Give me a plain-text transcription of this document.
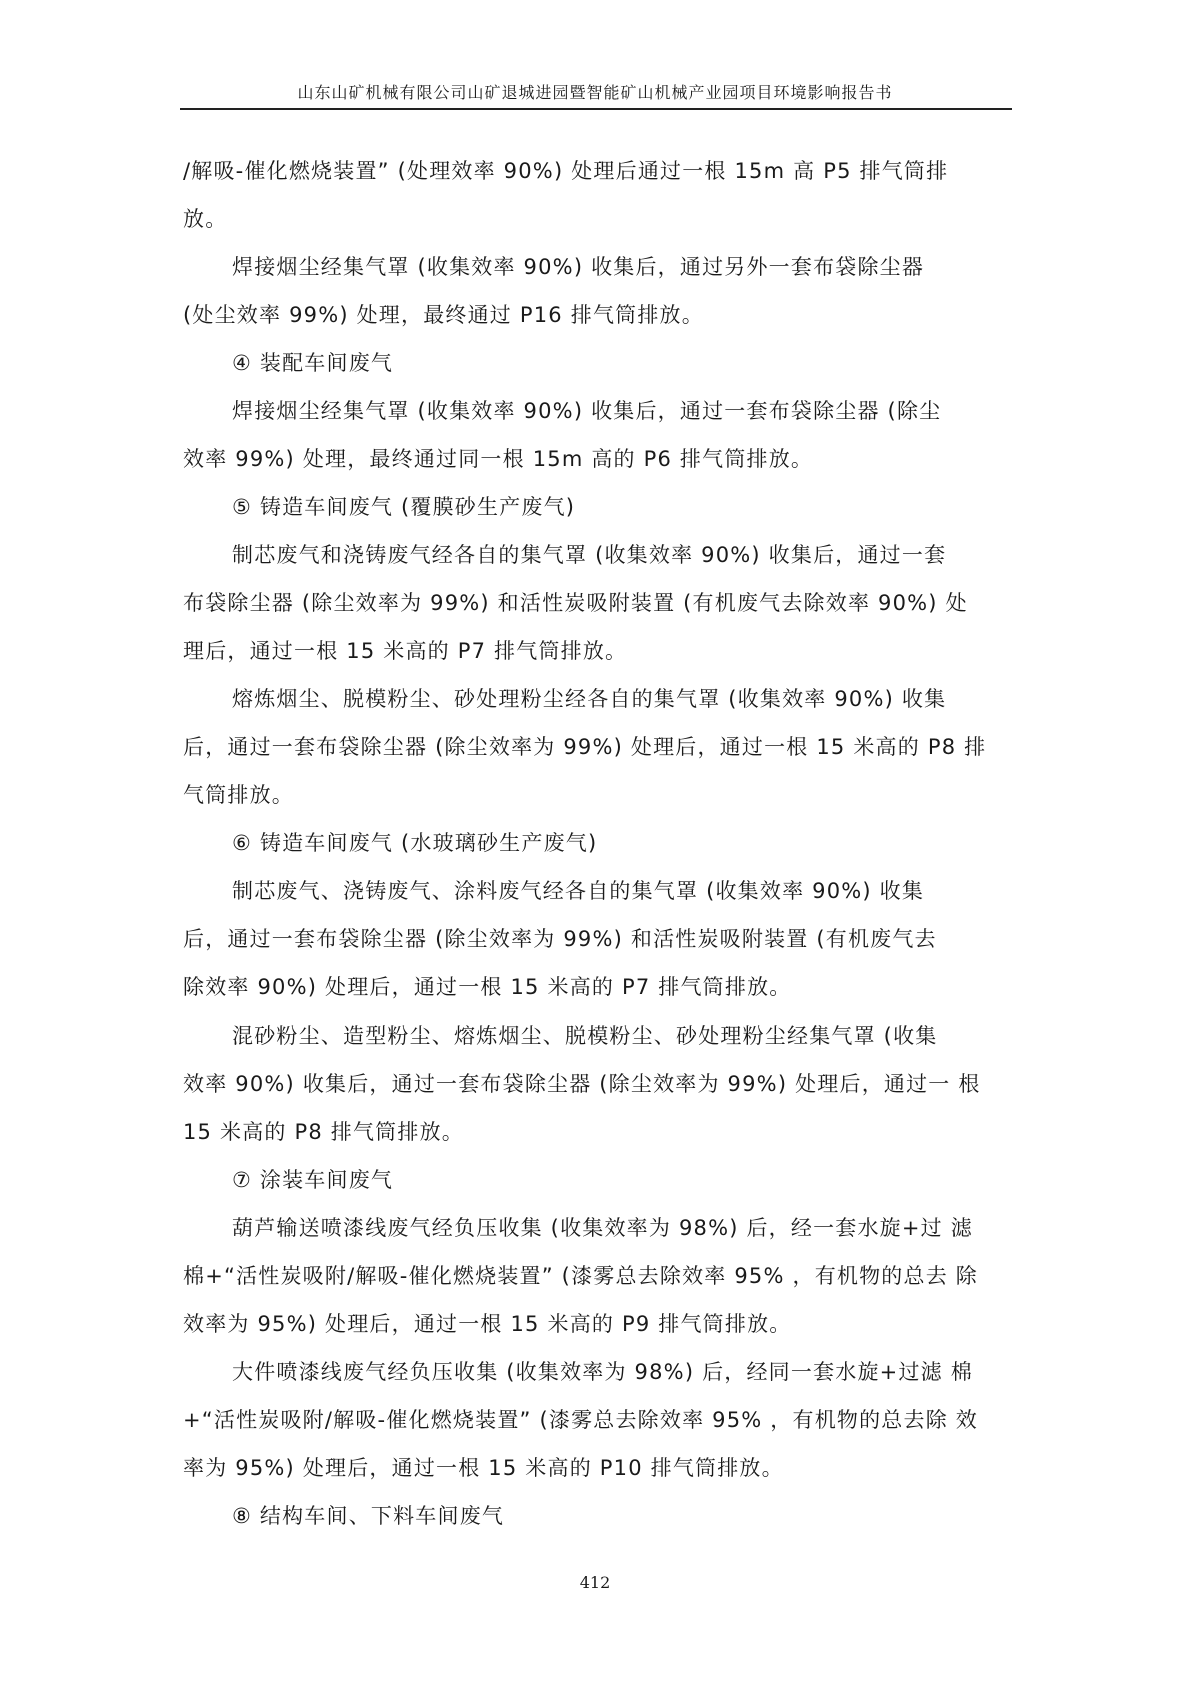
山东山矿机械有限公司山矿退城进园暨智能矿山机械产业园项目环境影响报告书
/解吸-催化燃烧装置” (处理效率 90%) 处理后通过一根 15m 高 P5 排气筒排
放。
焊接烟尘经集气罩 (收集效率 90%) 收集后，通过另外一套布袋除尘器
(处尘效率 99%) 处理，最终通过 P16 排气筒排放。
④ 装配车间废气
焊接烟尘经集气罩 (收集效率 90%) 收集后，通过一套布袋除尘器 (除尘
效率 99%) 处理，最终通过同一根 15m 高的 P6 排气筒排放。
⑤ 铸造车间废气 (覆膜砂生产废气)
制芯废气和浇铸废气经各自的集气罩 (收集效率 90%) 收集后，通过一套
布袋除尘器 (除尘效率为 99%) 和活性炭吸附装置 (有机废气去除效率 90%) 处
理后，通过一根 15 米高的 P7 排气筒排放。
熔炼烟尘、脱模粉尘、砂处理粉尘经各自的集气罩 (收集效率 90%) 收集
后，通过一套布袋除尘器 (除尘效率为 99%) 处理后，通过一根 15 米高的 P8 排
气筒排放。
⑥ 铸造车间废气 (水玻璃砂生产废气)
制芯废气、浇铸废气、涂料废气经各自的集气罩 (收集效率 90%) 收集
后，通过一套布袋除尘器 (除尘效率为 99%) 和活性炭吸附装置 (有机废气去
除效率 90%) 处理后，通过一根 15 米高的 P7 排气筒排放。
混砂粉尘、造型粉尘、熔炼烟尘、脱模粉尘、砂处理粉尘经集气罩 (收集
效率 90%) 收集后，通过一套布袋除尘器 (除尘效率为 99%) 处理后，通过一 根
15 米高的 P8 排气筒排放。
⑦ 涂装车间废气
葫芦输送喷漆线废气经负压收集 (收集效率为 98%) 后，经一套水旋+过 滤
棉+“活性炭吸附/解吸-催化燃烧装置” (漆雾总去除效率 95% ，有机物的总去 除
效率为 95%) 处理后，通过一根 15 米高的 P9 排气筒排放。
大件喷漆线废气经负压收集 (收集效率为 98%) 后，经同一套水旋+过滤 棉
+“活性炭吸附/解吸-催化燃烧装置” (漆雾总去除效率 95% ，有机物的总去除 效
率为 95%) 处理后，通过一根 15 米高的 P10 排气筒排放。
⑧ 结构车间、下料车间废气
412
